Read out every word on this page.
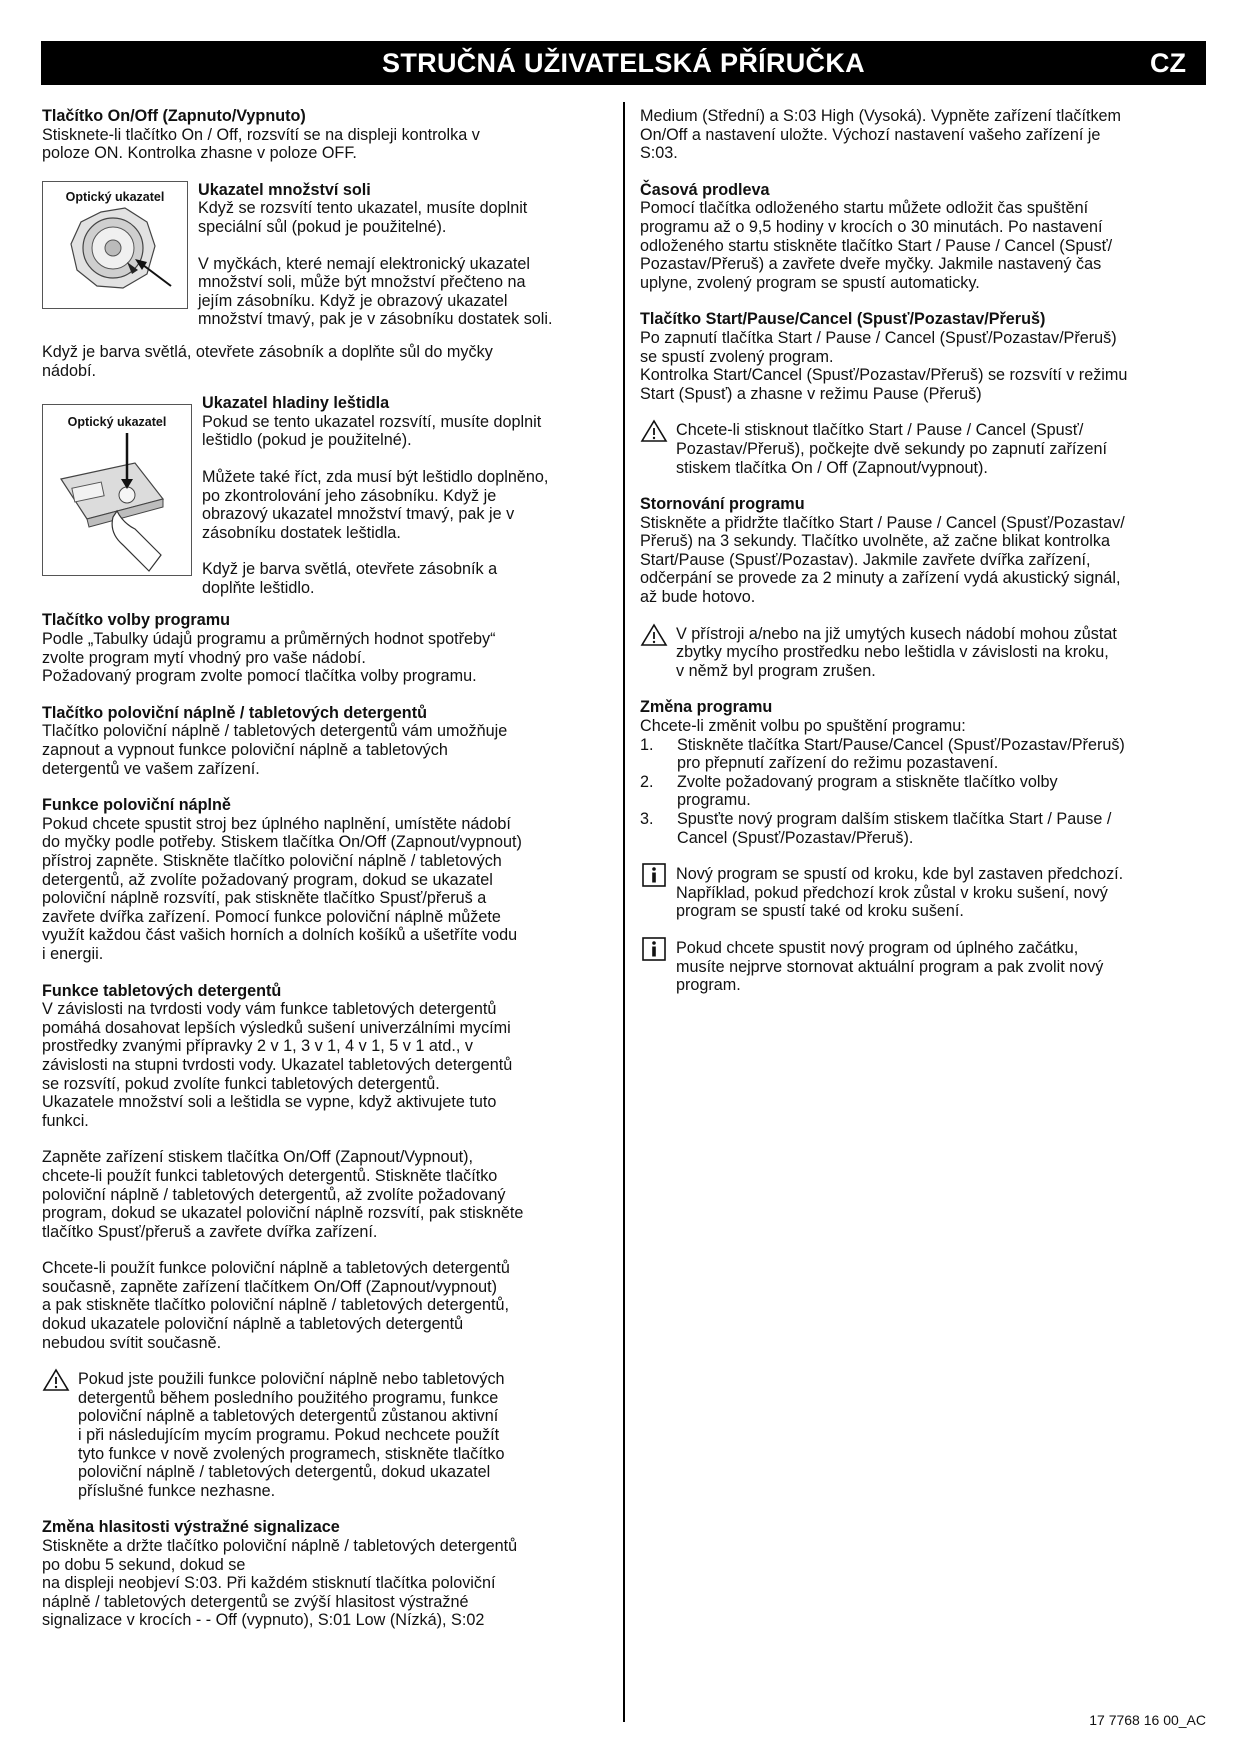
STRUČNÁ UŽIVATELSKÁ PŘÍRUČKA	CZ

Tlačítko On/Off (Zapnuto/Vypnuto)

Stisknete-li tlačítko On / Off, rozsvítí se na displeji kontrolka v

poloze ON. Kontrolka zhasne v poloze OFF.

Optický ukazatel	Ukazatel množství soli

Když se rozsvítí tento ukazatel, musíte doplnit

speciální sůl (pokud je použitelné).

V myčkách, které nemají elektronický ukazatel

množství soli, může být množství přečteno na

jejím zásobníku. Když je obrazový ukazatel

množství tmavý, pak je v zásobníku dostatek soli.

Když je barva světlá, otevřete zásobník a doplňte sůl do myčky

nádobí.

Optický ukazatel

Ukazatel hladiny leštidla

Pokud se tento ukazatel rozsvítí, musíte doplnit

leštidlo (pokud je použitelné).

Můžete také říct, zda musí být leštidlo doplněno,

po zkontrolování jeho zásobníku. Když je

obrazový ukazatel množství tmavý, pak je v

zásobníku dostatek leštidla.

Když je barva světlá, otevřete zásobník a

doplňte leštidlo.

Tlačítko volby programu

Podle „Tabulky údajů programu a průměrných hodnot spotřeby“

zvolte program mytí vhodný pro vaše nádobí.

Požadovaný program zvolte pomocí tlačítka volby programu.

Tlačítko poloviční náplně / tabletových detergentů

Tlačítko poloviční náplně / tabletových detergentů vám umožňuje

zapnout a vypnout funkce poloviční náplně a tabletových

detergentů ve vašem zařízení.

Funkce poloviční náplně

Pokud chcete spustit stroj bez úplného naplnění, umístěte nádobí

do myčky podle potřeby. Stiskem tlačítka On/Off (Zapnout/vypnout)

přístroj zapněte. Stiskněte tlačítko poloviční náplně / tabletových

detergentů, až zvolíte požadovaný program, dokud se ukazatel

poloviční náplně rozsvítí, pak stiskněte tlačítko Spusť/přeruš a

zavřete dvířka zařízení. Pomocí funkce poloviční náplně můžete

využít každou část vašich horních a dolních košíků a ušetříte vodu

i energii.

Funkce tabletových detergentů

V závislosti na tvrdosti vody vám funkce tabletových detergentů

pomáhá dosahovat lepších výsledků sušení univerzálními mycími

prostředky zvanými přípravky 2 v 1, 3 v 1, 4 v 1, 5 v 1 atd., v

závislosti na stupni tvrdosti vody. Ukazatel tabletových detergentů

se rozsvítí, pokud zvolíte funkci tabletových detergentů.

Ukazatele množství soli a leštidla se vypne, když aktivujete tuto

funkci.

Zapněte zařízení stiskem tlačítka On/Off (Zapnout/Vypnout),

chcete-li použít funkci tabletových detergentů. Stiskněte tlačítko

poloviční náplně / tabletových detergentů, až zvolíte požadovaný

program, dokud se ukazatel poloviční náplně rozsvítí, pak stiskněte

tlačítko Spusť/přeruš a zavřete dvířka zařízení.

Chcete-li použít funkce poloviční náplně a tabletových detergentů

současně, zapněte zařízení tlačítkem On/Off (Zapnout/vypnout)

a pak stiskněte tlačítko poloviční náplně / tabletových detergentů,

dokud ukazatele poloviční náplně a tabletových detergentů

nebudou svítit současně.

Pokud jste použili funkce poloviční náplně nebo tabletových

detergentů během posledního použitého programu, funkce

poloviční náplně a tabletových detergentů zůstanou aktivní

i při následujícím mycím programu. Pokud nechcete použít

tyto funkce v nově zvolených programech, stiskněte tlačítko

poloviční náplně / tabletových detergentů, dokud ukazatel

příslušné funkce nezhasne.

Změna hlasitosti výstražné signalizace

Stiskněte a držte tlačítko poloviční náplně / tabletových detergentů

po dobu 5 sekund, dokud se

na displeji neobjeví S:03. Při každém stisknutí tlačítka poloviční

náplně / tabletových detergentů se zvýší hlasitost výstražné

signalizace v krocích - - Off (vypnuto), S:01 Low (Nízká), S:02

Medium (Střední) a S:03 High (Vysoká). Vypněte zařízení tlačítkem

On/Off a nastavení uložte. Výchozí nastavení vašeho zařízení je

S:03.

Časová prodleva

Pomocí tlačítka odloženého startu můžete odložit čas spuštění

programu až o 9,5 hodiny v krocích o 30 minutách. Po nastavení

odloženého startu stiskněte tlačítko Start / Pause / Cancel (Spusť/

Pozastav/Přeruš) a zavřete dveře myčky. Jakmile nastavený čas

uplyne, zvolený program se spustí automaticky.

Tlačítko Start/Pause/Cancel (Spusť/Pozastav/Přeruš)

Po zapnutí tlačítka Start / Pause / Cancel (Spusť/Pozastav/Přeruš)

se spustí zvolený program.

Kontrolka Start/Cancel (Spusť/Pozastav/Přeruš) se rozsvítí v režimu

Start (Spusť) a zhasne v režimu Pause (Přeruš)

Chcete-li stisknout tlačítko Start / Pause / Cancel (Spusť/

Pozastav/Přeruš), počkejte dvě sekundy po zapnutí zařízení

stiskem tlačítka On / Off (Zapnout/vypnout).

Stornování programu

Stiskněte a přidržte tlačítko Start / Pause / Cancel (Spusť/Pozastav/

Přeruš) na 3 sekundy. Tlačítko uvolněte, až začne blikat kontrolka

Start/Pause (Spusť/Pozastav). Jakmile zavřete dvířka zařízení,

odčerpání se provede za 2 minuty a zařízení vydá akustický signál,

až bude hotovo.

V přístroji a/nebo na již umytých kusech nádobí mohou zůstat

zbytky mycího prostředku nebo leštidla v závislosti na kroku,

v němž byl program zrušen.

Změna programu

Chcete-li změnit volbu po spuštění programu:

1.	Stiskněte tlačítka Start/Pause/Cancel (Spusť/Pozastav/Přeruš)

pro přepnutí zařízení do režimu pozastavení.

2.	Zvolte požadovaný program a stiskněte tlačítko volby

programu.

3.	Spusťte nový program dalším stiskem tlačítka Start / Pause /

Cancel (Spusť/Pozastav/Přeruš).

Nový program se spustí od kroku, kde byl zastaven předchozí.

Například, pokud předchozí krok zůstal v kroku sušení, nový

program se spustí také od kroku sušení.

Pokud chcete spustit nový program od úplného začátku,

musíte nejprve stornovat aktuální program a pak zvolit nový

program.

17 7768 16 00_AC
